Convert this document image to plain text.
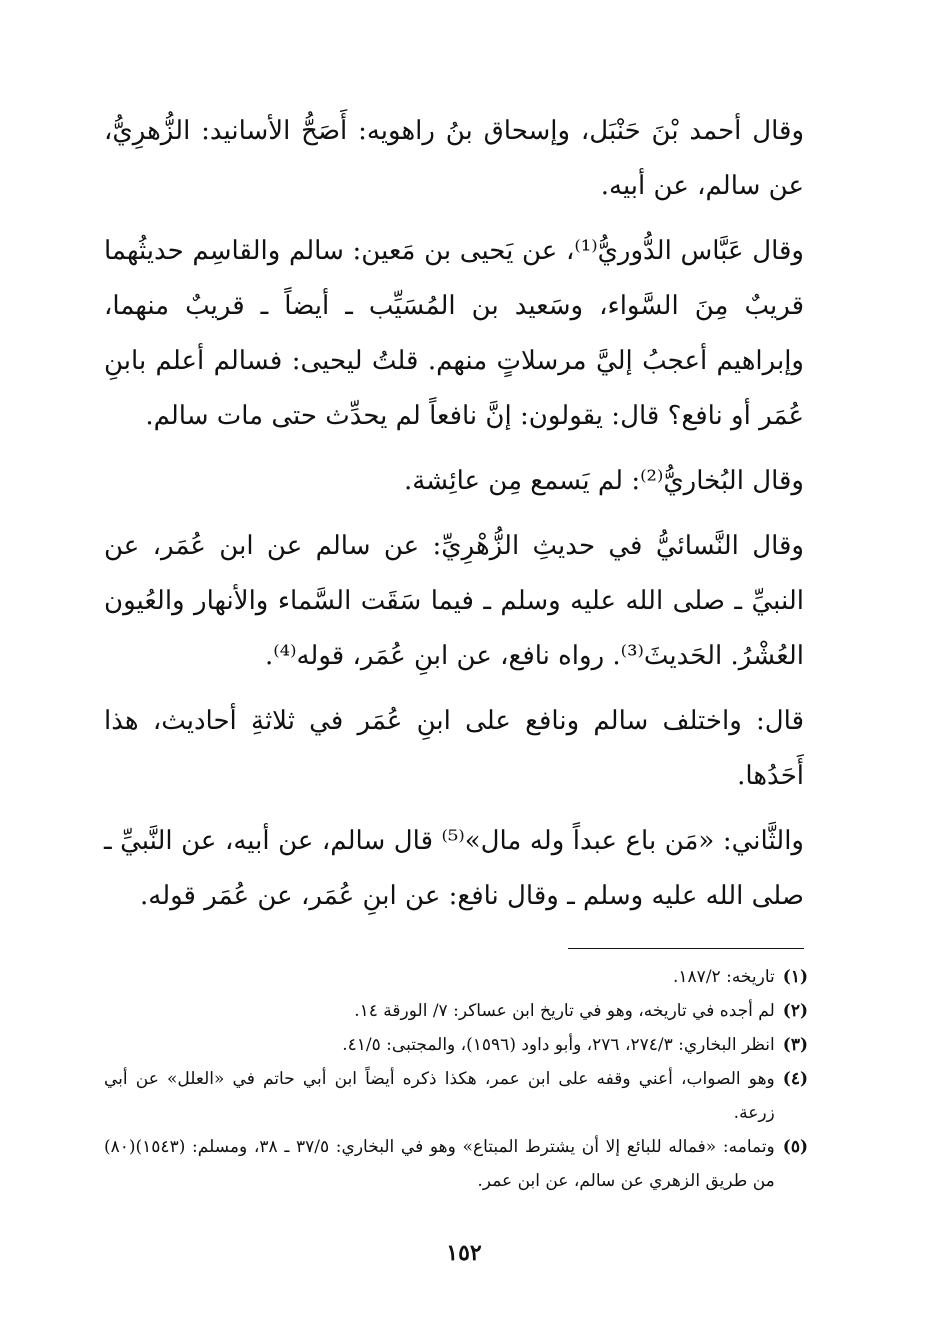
وقال أحمد بْنَ حَنْبَل، وإسحاق بنُ راهويه: أَصَحُّ الأسانيد: الزُّهرِيُّ، عن سالم، عن أبيه.

وقال عَبَّاس الدُّوريُّ⁽¹⁾، عن يَحيى بن مَعين: سالم والقاسِم حديثُهما قريبٌ مِنَ السَّواء، وسَعيد بن المُسَيِّب ـ أيضاً ـ قريبٌ منهما، وإبراهيم أعجبُ إليَّ مرسلاتٍ منهم. قلتُ ليحيى: فسالم أعلم بابنِ عُمَر أو نافع؟ قال: يقولون: إنَّ نافعاً لم يحدِّث حتى مات سالم.

وقال البُخاريُّ⁽²⁾: لم يَسمع مِن عائِشة.

وقال النَّسائيُّ في حديثِ الزُّهْرِيِّ: عن سالم عن ابن عُمَر، عن النبيِّ ـ صلى الله عليه وسلم ـ فيما سَقَت السَّماء والأنهار والعُيون العُشْرُ. الحَديثَ⁽³⁾. رواه نافع، عن ابنِ عُمَر، قوله⁽⁴⁾.

قال: واختلف سالم ونافع على ابنِ عُمَر في ثلاثةِ أحاديث، هذا أَحَدُها.

والثَّاني: «مَن باع عبداً وله مال»⁽⁵⁾ قال سالم، عن أبيه، عن النَّبيِّ ـ صلى الله عليه وسلم ـ وقال نافع: عن ابنِ عُمَر، عن عُمَر قوله.

(١)
تاريخه: ١٨٧/٢.
(٢)
لم أجده في تاريخه، وهو في تاريخ ابن عساكر: ٧/ الورقة ١٤.
(٣)
انظر البخاري: ٢٧٤/٣، ٢٧٦، وأبو داود (١٥٩٦)، والمجتبى: ٤١/٥.
(٤)
وهو الصواب، أعني وقفه على ابن عمر، هكذا ذكره أيضاً ابن أبي حاتم في «العلل» عن أبي زرعة.
(٥)
وتمامه: «فماله للبائع إلا أن يشترط المبتاع» وهو في البخاري: ٣٧/٥ ـ ٣٨، ومسلم: (١٥٤٣)(٨٠) من طريق الزهري عن سالم، عن ابن عمر.
١٥٢
